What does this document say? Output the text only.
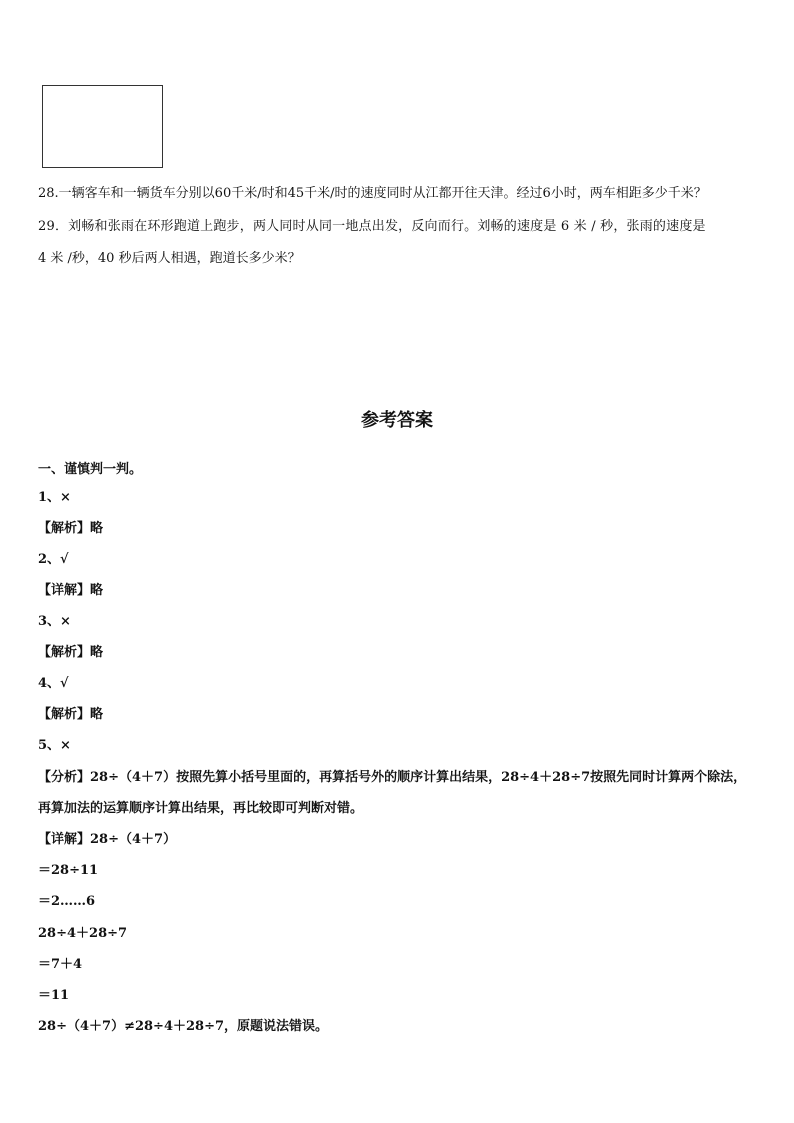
28.一辆客车和一辆货车分别以60千米/时和45千米/时的速度同时从江都开往天津。经过6小时，两车相距多少千米？
29．刘畅和张雨在环形跑道上跑步，两人同时从同一地点出发，反向而行。刘畅的速度是 6 米 / 秒，张雨的速度是
4 米 /秒，40 秒后两人相遇，跑道长多少米？
参考答案
一、谨慎判一判。
1、×
【解析】略
2、√
【详解】略
3、×
【解析】略
4、√
【解析】略
5、×
【分析】28÷（4＋7）按照先算小括号里面的，再算括号外的顺序计算出结果，28÷4＋28÷7按照先同时计算两个除法，
再算加法的运算顺序计算出结果，再比较即可判断对错。
【详解】28÷（4＋7）
＝28÷11
＝2……6
28÷4＋28÷7
＝7＋4
＝11
28÷（4＋7）≠28÷4＋28÷7，原题说法错误。
